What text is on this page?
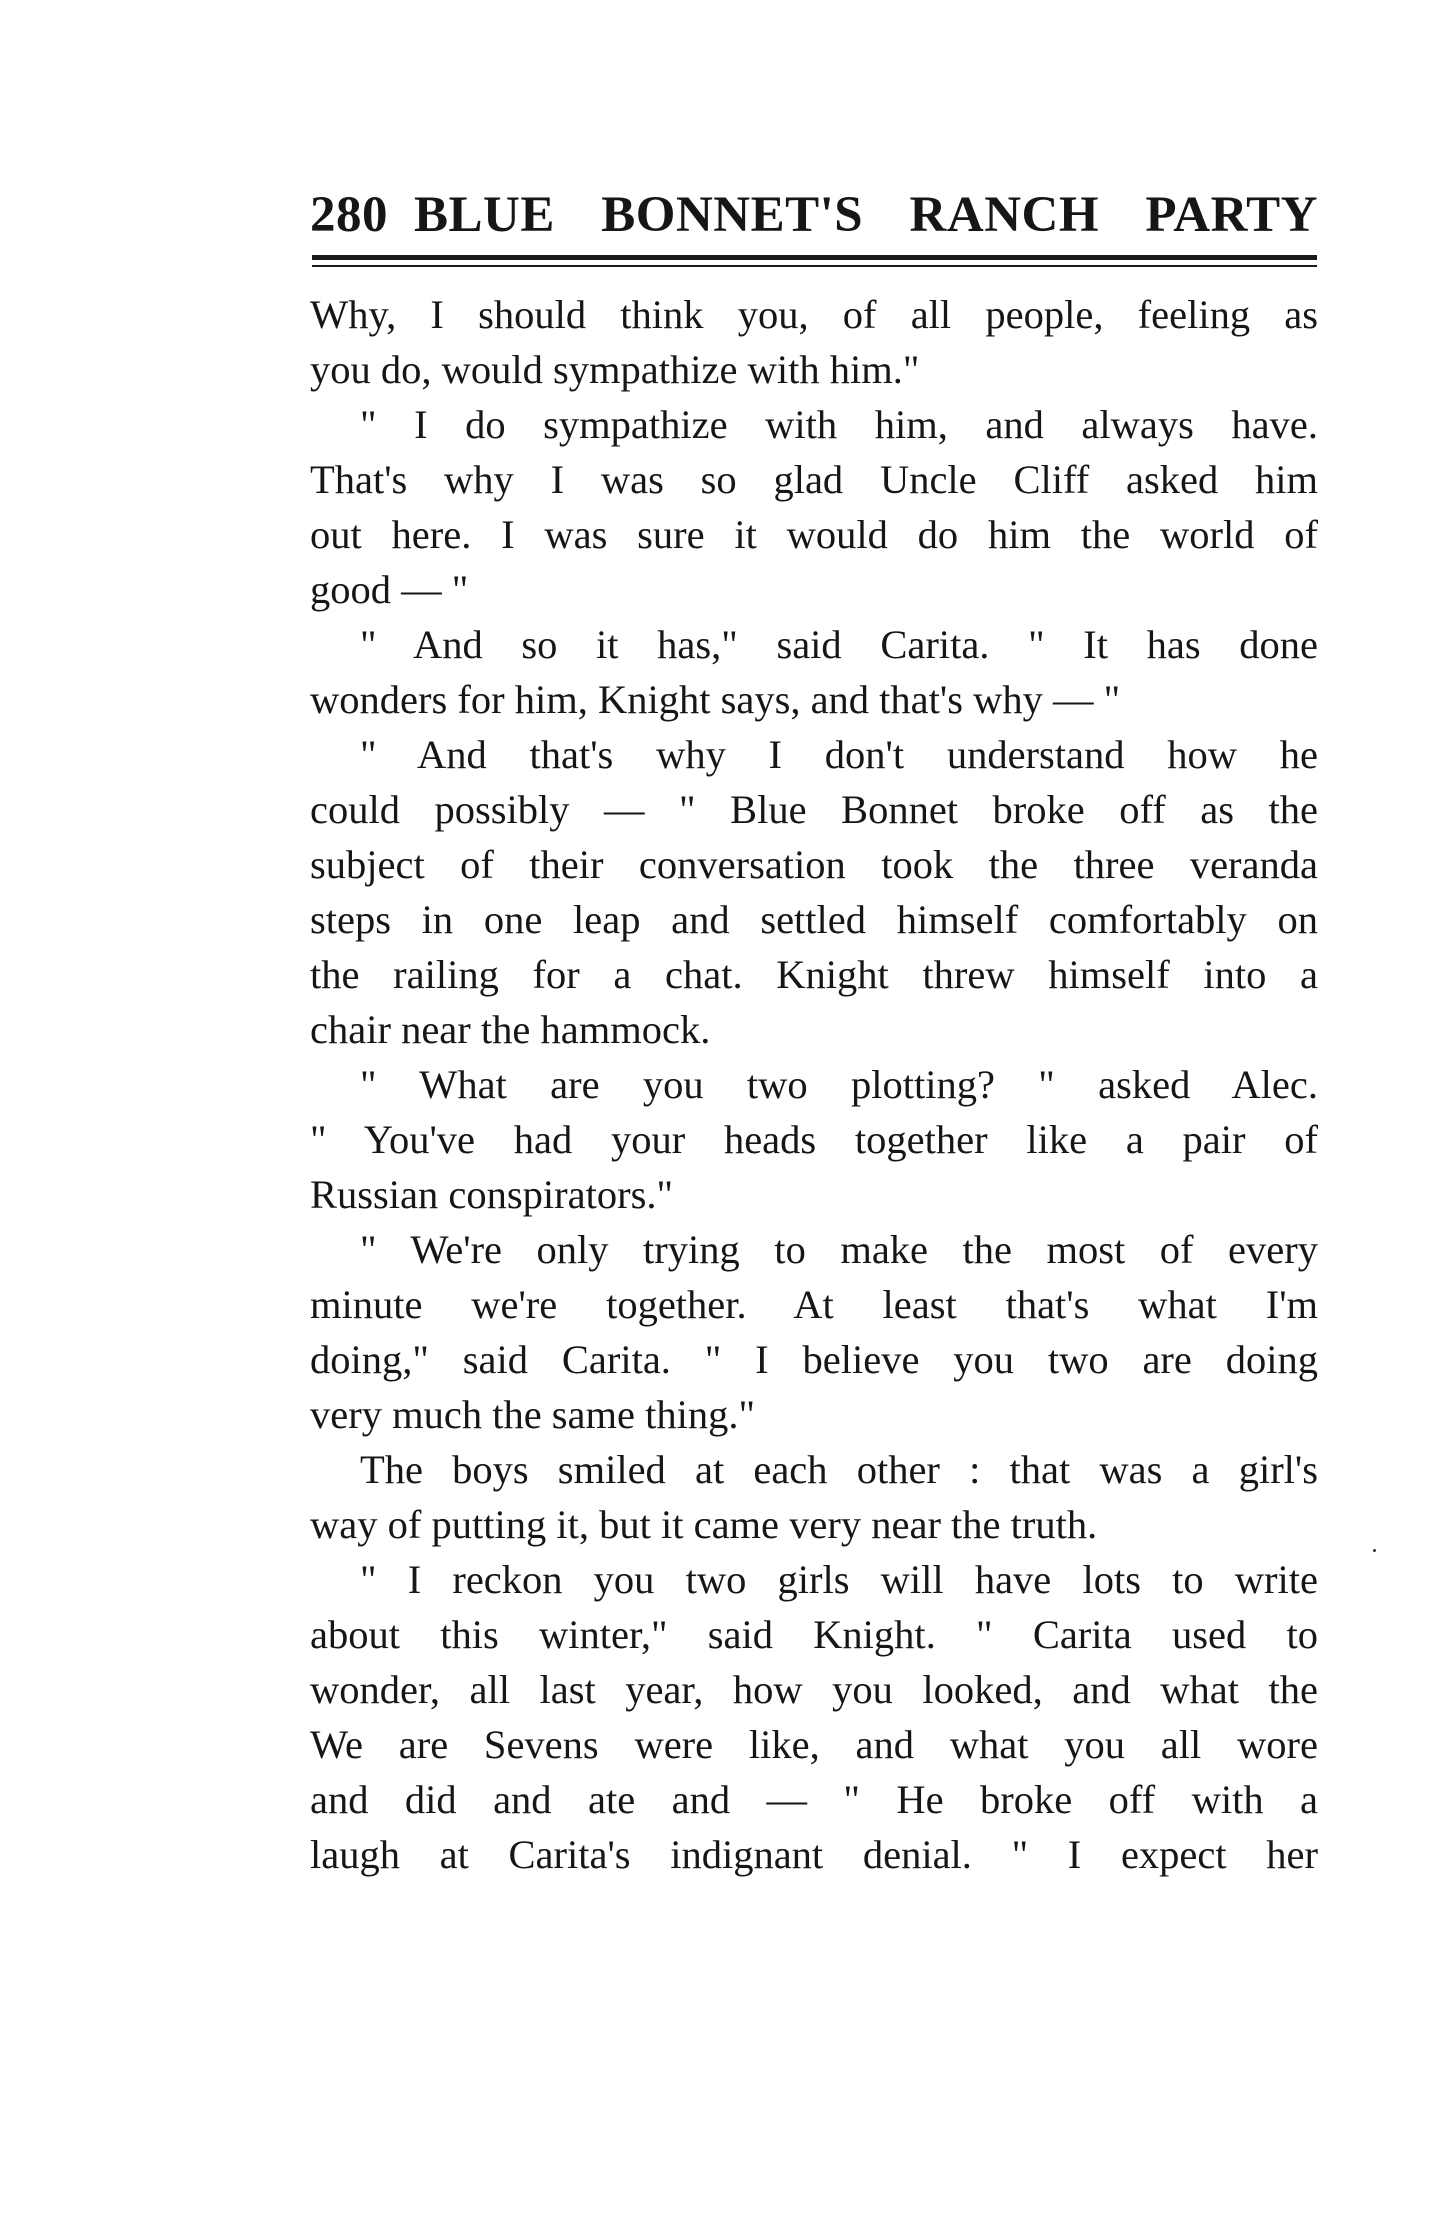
280 BLUE BONNET'S RANCH PARTY
Why, I should think you, of all people, feeling as
you do, would sympathize with him."
" I do sympathize with him, and always have.
That's why I was so glad Uncle Cliff asked him
out here. I was sure it would do him the world of
good — "
" And so it has," said Carita. " It has done
wonders for him, Knight says, and that's why — "
" And that's why I don't understand how he
could possibly — " Blue Bonnet broke off as the
subject of their conversation took the three veranda
steps in one leap and settled himself comfortably on
the railing for a chat. Knight threw himself into a
chair near the hammock.
" What are you two plotting? " asked Alec.
" You've had your heads together like a pair of
Russian conspirators."
" We're only trying to make the most of every
minute we're together. At least that's what I'm
doing," said Carita. " I believe you two are doing
very much the same thing."
The boys smiled at each other : that was a girl's
way of putting it, but it came very near the truth.
" I reckon you two girls will have lots to write
about this winter," said Knight. " Carita used to
wonder, all last year, how you looked, and what the
We are Sevens were like, and what you all wore
and did and ate and — " He broke off with a
laugh at Carita's indignant denial. " I expect her
